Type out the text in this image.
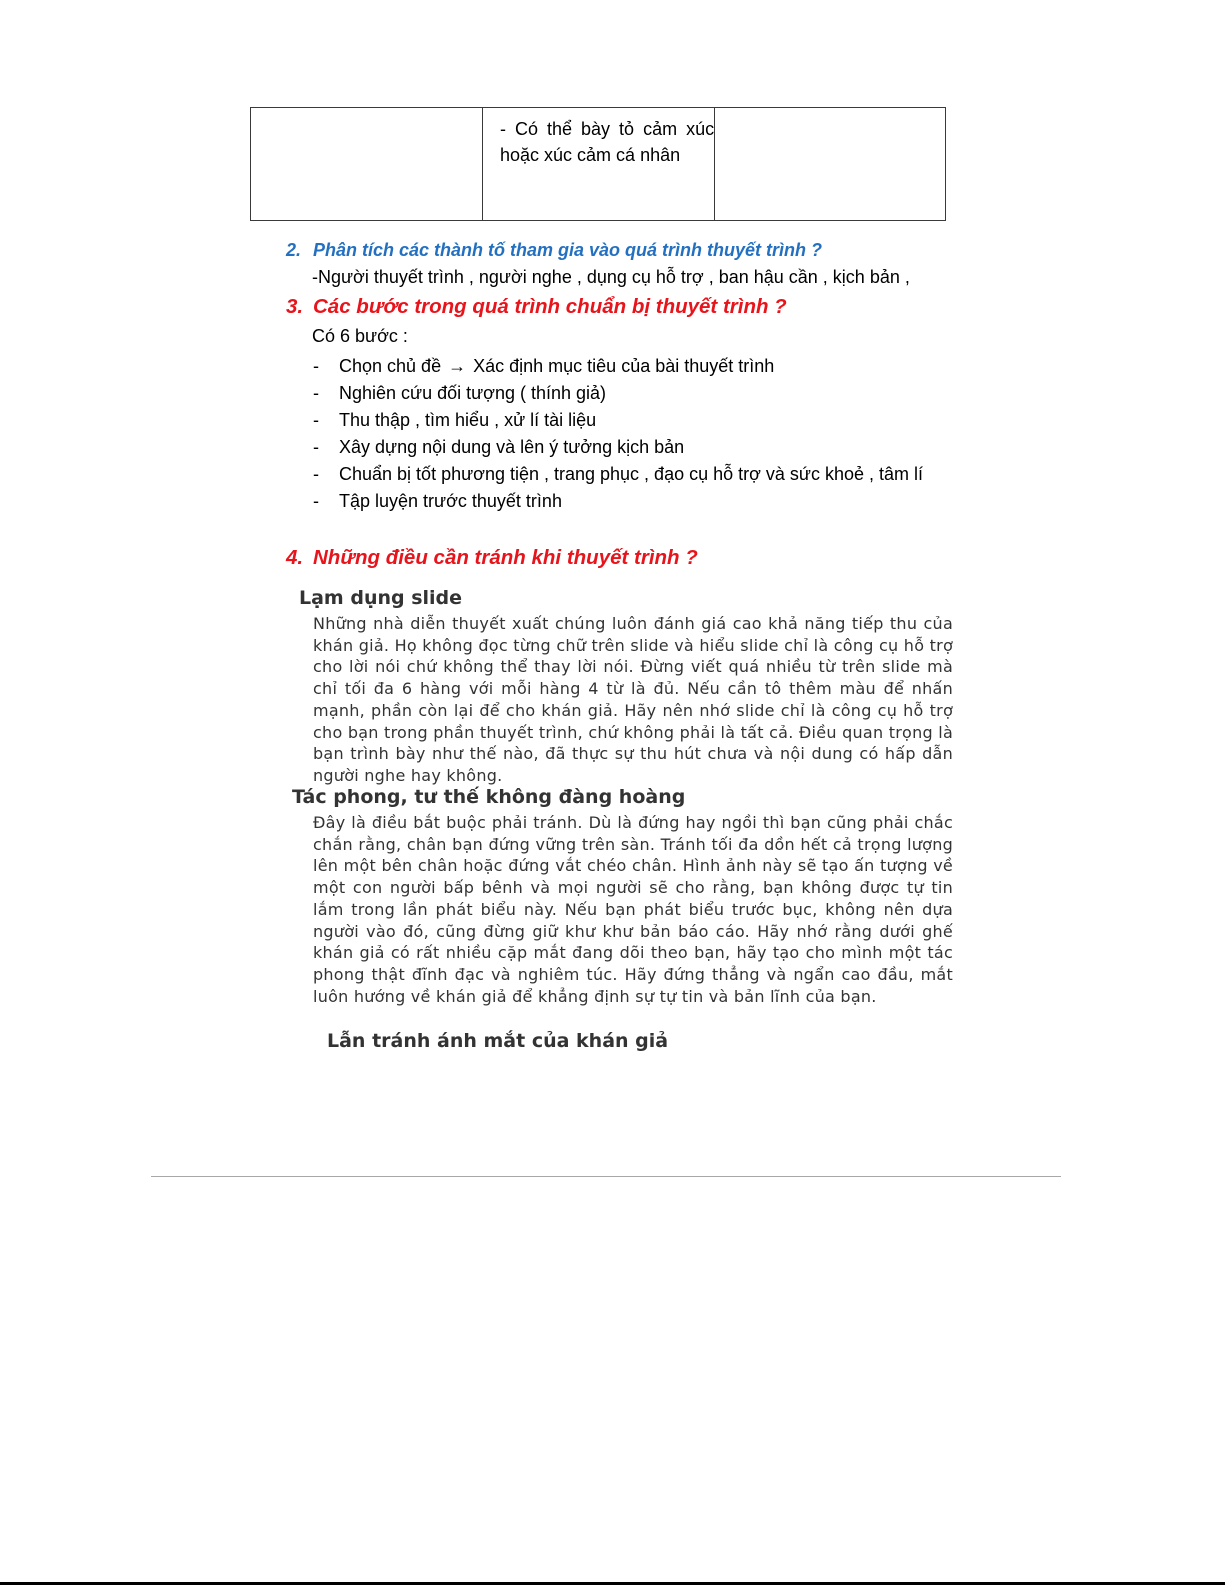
- Có thể bày tỏ cảm xúc
hoặc xúc cảm cá nhân
2. Phân tích các thành tố tham gia vào quá trình thuyết trình ?
-Người thuyết trình , người nghe , dụng cụ hỗ trợ , ban hậu cần , kịch bản ,
3. Các bước trong quá trình chuẩn bị thuyết trình ?
Có 6 bước :
- Chọn chủ đề → Xác định mục tiêu của bài thuyết trình
- Nghiên cứu đối tượng ( thính giả)
- Thu thập , tìm hiểu , xử lí tài liệu
- Xây dựng nội dung và lên ý tưởng kịch bản
- Chuẩn bị tốt phương tiện , trang phục , đạo cụ hỗ trợ và sức khoẻ , tâm lí
- Tập luyện trước thuyết trình
4. Những điều cần tránh khi thuyết trình ?
Lạm dụng slide
Những nhà diễn thuyết xuất chúng luôn đánh giá cao khả năng tiếp thu của khán giả. Họ không đọc từng chữ trên slide và hiểu slide chỉ là công cụ hỗ trợ cho lời nói chứ không thể thay lời nói. Đừng viết quá nhiều từ trên slide mà chỉ tối đa 6 hàng với mỗi hàng 4 từ là đủ. Nếu cần tô thêm màu để nhấn mạnh, phần còn lại để cho khán giả. Hãy nên nhớ slide chỉ là công cụ hỗ trợ cho bạn trong phần thuyết trình, chứ không phải là tất cả. Điều quan trọng là bạn trình bày như thế nào, đã thực sự thu hút chưa và nội dung có hấp dẫn người nghe hay không.
Tác phong, tư thế không đàng hoàng
Đây là điều bắt buộc phải tránh. Dù là đứng hay ngồi thì bạn cũng phải chắc chắn rằng, chân bạn đứng vững trên sàn. Tránh tối đa dồn hết cả trọng lượng lên một bên chân hoặc đứng vắt chéo chân. Hình ảnh này sẽ tạo ấn tượng về một con người bấp bênh và mọi người sẽ cho rằng, bạn không được tự tin lắm trong lần phát biểu này. Nếu bạn phát biểu trước bục, không nên dựa người vào đó, cũng đừng giữ khư khư bản báo cáo. Hãy nhớ rằng dưới ghế khán giả có rất nhiều cặp mắt đang dõi theo bạn, hãy tạo cho mình một tác phong thật đĩnh đạc và nghiêm túc. Hãy đứng thẳng và ngẩn cao đầu, mắt luôn hướng về khán giả để khẳng định sự tự tin và bản lĩnh của bạn.
Lẫn tránh ánh mắt của khán giả
